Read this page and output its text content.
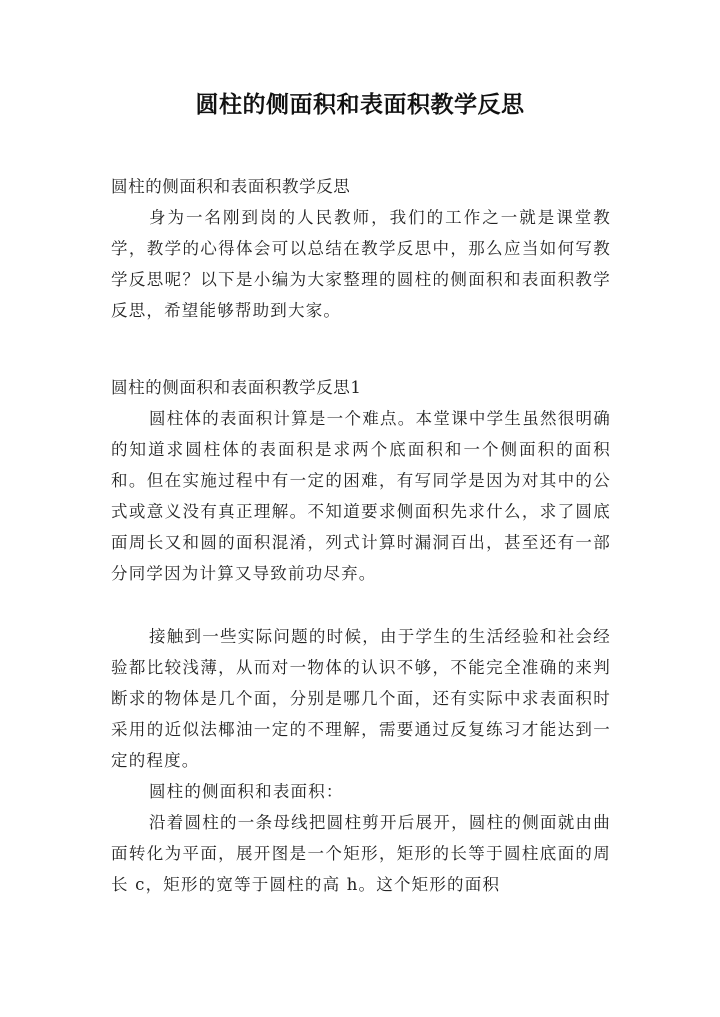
圆柱的侧面积和表面积教学反思
圆柱的侧面积和表面积教学反思
身为一名刚到岗的人民教师，我们的工作之一就是课堂教学，教学的心得体会可以总结在教学反思中，那么应当如何写教学反思呢？以下是小编为大家整理的圆柱的侧面积和表面积教学反思，希望能够帮助到大家。
圆柱的侧面积和表面积教学反思1
圆柱体的表面积计算是一个难点。本堂课中学生虽然很明确的知道求圆柱体的表面积是求两个底面积和一个侧面积的面积和。但在实施过程中有一定的困难，有写同学是因为对其中的公式或意义没有真正理解。不知道要求侧面积先求什么，求了圆底面周长又和圆的面积混淆，列式计算时漏洞百出，甚至还有一部分同学因为计算又导致前功尽弃。
接触到一些实际问题的时候，由于学生的生活经验和社会经验都比较浅薄，从而对一物体的认识不够，不能完全准确的来判断求的物体是几个面，分别是哪几个面，还有实际中求表面积时采用的近似法椰油一定的不理解，需要通过反复练习才能达到一定的程度。
圆柱的侧面积和表面积：
沿着圆柱的一条母线把圆柱剪开后展开，圆柱的侧面就由曲面转化为平面，展开图是一个矩形，矩形的长等于圆柱底面的周长 c，矩形的宽等于圆柱的高 h。这个矩形的面积
